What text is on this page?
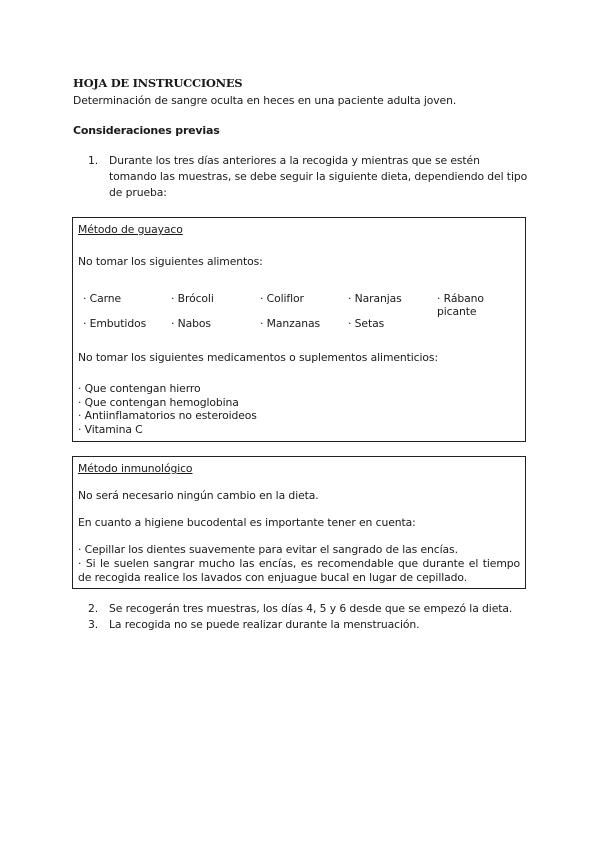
HOJA DE INSTRUCCIONES
Determinación de sangre oculta en heces en una paciente adulta joven.
Consideraciones previas
1.	Durante los tres días anteriores a la recogida y mientras que se estén tomando las muestras, se debe seguir la siguiente dieta, dependiendo del tipo de prueba:
Método de guayaco
No tomar los siguientes alimentos:
· Carne	· Brócoli	· Coliflor	· Naranjas	· Rábano picante
· Embutidos · Nabos	· Manzanas	· Setas
No tomar los siguientes medicamentos o suplementos alimenticios:
· Que contengan hierro
· Que contengan hemoglobina
· Antiinflamatorios no esteroideos
· Vitamina C
Método inmunológico
No será necesario ningún cambio en la dieta.
En cuanto a higiene bucodental es importante tener en cuenta:
· Cepillar los dientes suavemente para evitar el sangrado de las encías.
· Si le suelen sangrar mucho las encías, es recomendable que durante el tiempo de recogida realice los lavados con enjuague bucal en lugar de cepillado.
2.	Se recogerán tres muestras, los días 4, 5 y 6 desde que se empezó la dieta.
3.	La recogida no se puede realizar durante la menstruación.
